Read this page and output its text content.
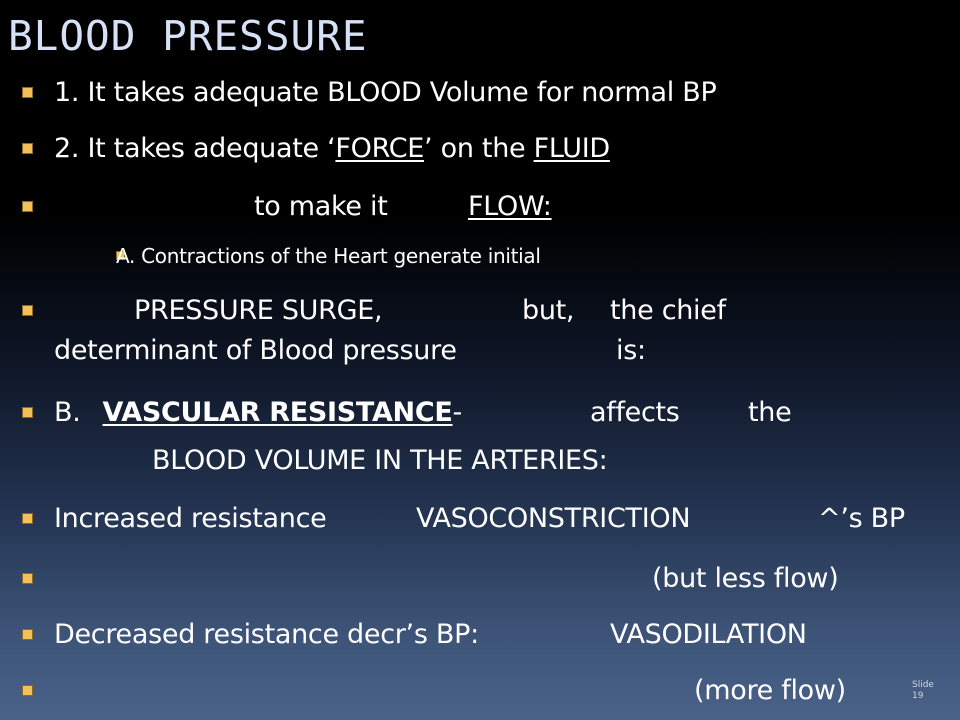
BLOOD PRESSURE
1. It takes adequate BLOOD Volume for normal BP
2. It takes adequate ‘FORCE’ on the FLUID
to make it	FLOW:
A. Contractions of the Heart generate initial
PRESSURE SURGE,	but, the chief
determinant of Blood pressure	is:
B. VASCULAR RESISTANCE-	affects	the
BLOOD VOLUME IN THE ARTERIES:
Increased resistance	VASOCONSTRICTION	^’s BP
(but less flow)
Decreased resistance decr’s BP:	VASODILATION
(more flow)	Slide 19
